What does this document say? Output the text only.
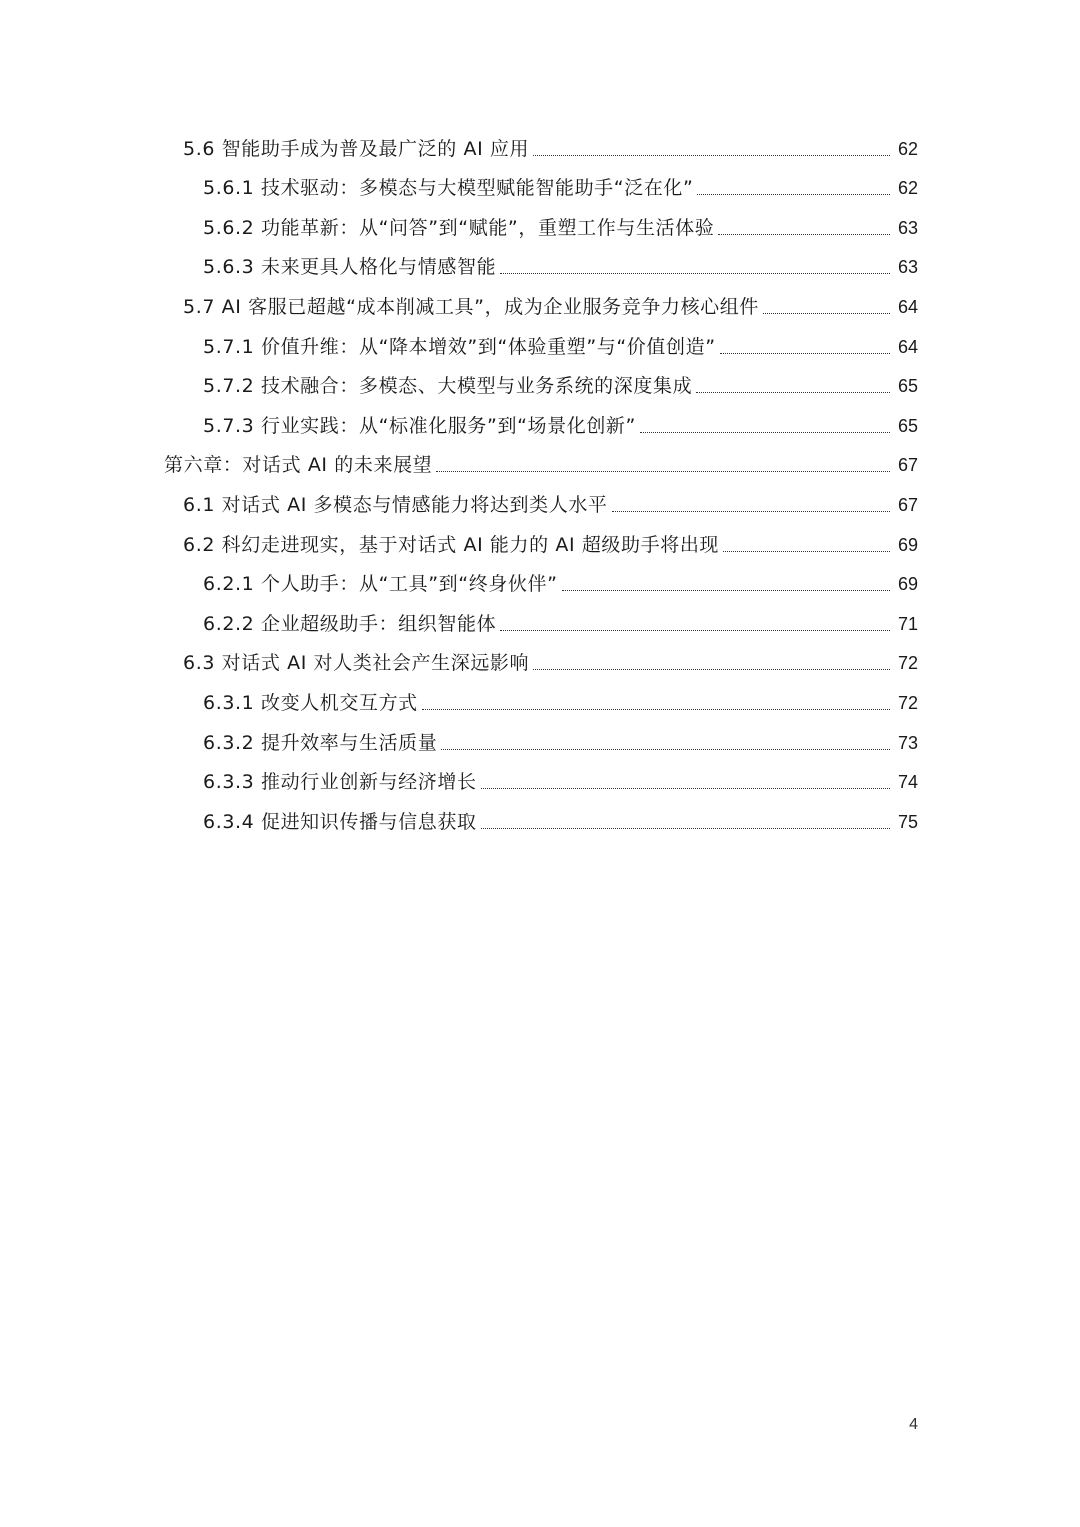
5.6 智能助手成为普及最广泛的 AI 应用	62
5.6.1 技术驱动：多模态与大模型赋能智能助手“泛在化”	62
5.6.2 功能革新：从“问答”到“赋能”，重塑工作与生活体验	63
5.6.3 未来更具人格化与情感智能	63
5.7 AI 客服已超越“成本削减工具”，成为企业服务竞争力核心组件	64
5.7.1 价值升维：从“降本增效”到“体验重塑”与“价值创造”	64
5.7.2 技术融合：多模态、大模型与业务系统的深度集成	65
5.7.3 行业实践：从“标准化服务”到“场景化创新”	65
第六章：对话式 AI 的未来展望	67
6.1 对话式 AI 多模态与情感能力将达到类人水平	67
6.2 科幻走进现实，基于对话式 AI 能力的 AI 超级助手将出现	69
6.2.1 个人助手：从“工具”到“终身伙伴”	69
6.2.2 企业超级助手：组织智能体	71
6.3 对话式 AI 对人类社会产生深远影响	72
6.3.1 改变人机交互方式	72
6.3.2 提升效率与生活质量	73
6.3.3 推动行业创新与经济增长	74
6.3.4 促进知识传播与信息获取	75
4
